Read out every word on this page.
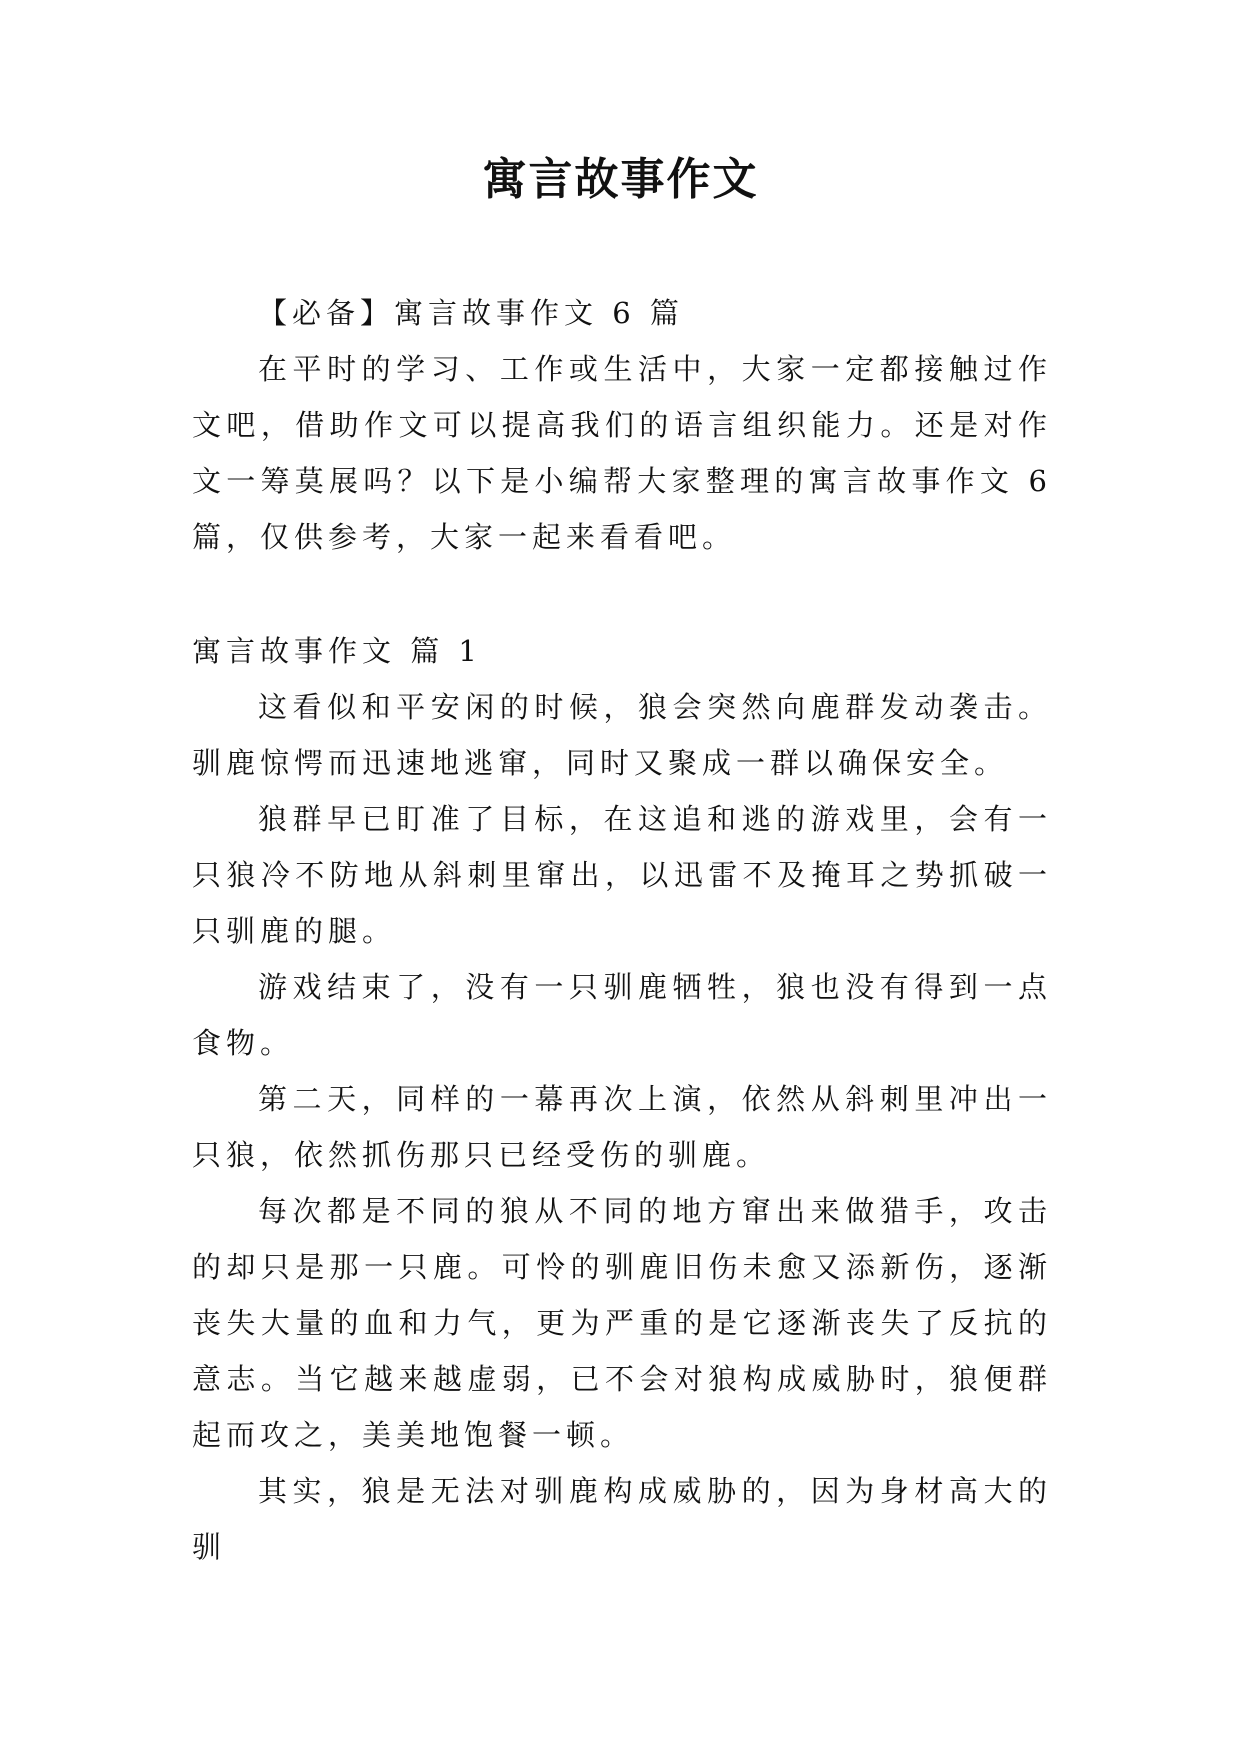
寓言故事作文

【必备】寓言故事作文 6 篇

在平时的学习、工作或生活中，大家一定都接触过作文吧，借助作文可以提高我们的语言组织能力。还是对作文一筹莫展吗？以下是小编帮大家整理的寓言故事作文 6 篇，仅供参考，大家一起来看看吧。

寓言故事作文 篇 1

这看似和平安闲的时候，狼会突然向鹿群发动袭击。驯鹿惊愕而迅速地逃窜，同时又聚成一群以确保安全。

狼群早已盯准了目标，在这追和逃的游戏里，会有一只狼冷不防地从斜刺里窜出，以迅雷不及掩耳之势抓破一只驯鹿的腿。

游戏结束了，没有一只驯鹿牺牲，狼也没有得到一点食物。

第二天，同样的一幕再次上演，依然从斜刺里冲出一只狼，依然抓伤那只已经受伤的驯鹿。

每次都是不同的狼从不同的地方窜出来做猎手，攻击的却只是那一只鹿。可怜的驯鹿旧伤未愈又添新伤，逐渐丧失大量的血和力气，更为严重的是它逐渐丧失了反抗的意志。当它越来越虚弱，已不会对狼构成威胁时，狼便群起而攻之，美美地饱餐一顿。

其实，狼是无法对驯鹿构成威胁的，因为身材高大的驯
